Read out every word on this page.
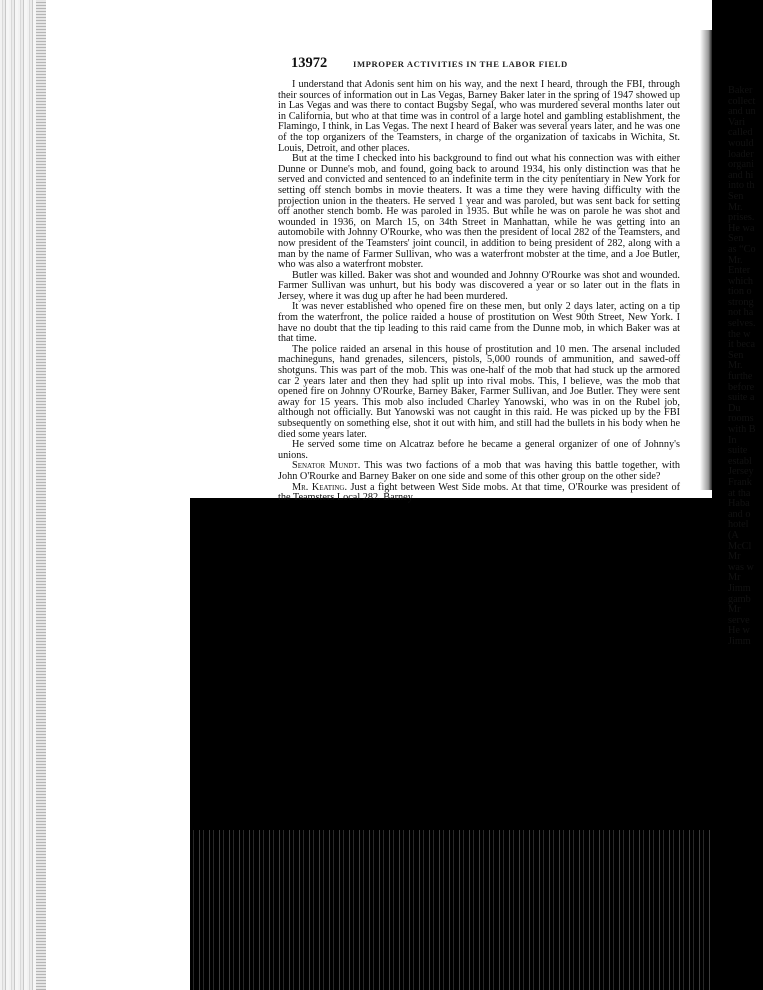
13972	IMPROPER ACTIVITIES IN THE LABOR FIELD

I understand that Adonis sent him on his way, and the next I heard, through the FBI, through their sources of information out in Las Vegas, Barney Baker later in the spring of 1947 showed up in Las Vegas and was there to contact Bugsby Segal, who was murdered several months later out in California, but who at that time was in control of a large hotel and gambling establishment, the Flamingo, I think, in Las Vegas. The next I heard of Baker was several years later, and he was one of the top organizers of the Teamsters, in charge of the organization of taxicabs in Wichita, St. Louis, Detroit, and other places.

But at the time I checked into his background to find out what his connection was with either Dunne or Dunne's mob, and found, going back to around 1934, his only distinction was that he served and convicted and sentenced to an indefinite term in the city penitentiary in New York for setting off stench bombs in movie theaters. It was a time they were having difficulty with the projection union in the theaters. He served 1 year and was paroled, but was sent back for setting off another stench bomb. He was paroled in 1935. But while he was on parole he was shot and wounded in 1936, on March 15, on 34th Street in Manhattan, while he was getting into an automobile with Johnny O'Rourke, who was then the president of local 282 of the Teamsters, and now president of the Teamsters' joint council, in addition to being president of 282, along with a man by the name of Farmer Sullivan, who was a waterfront mobster at the time, and a Joe Butler, who was also a waterfront mobster.

Butler was killed. Baker was shot and wounded and Johnny O'Rourke was shot and wounded. Farmer Sullivan was unhurt, but his body was discovered a year or so later out in the flats in Jersey, where it was dug up after he had been murdered.

It was never established who opened fire on these men, but only 2 days later, acting on a tip from the waterfront, the police raided a house of prostitution on West 90th Street, New York. I have no doubt that the tip leading to this raid came from the Dunne mob, in which Baker was at that time.

The police raided an arsenal in this house of prostitution and 10 men. The arsenal included machineguns, hand grenades, silencers, pistols, 5,000 rounds of ammunition, and sawed-off shotguns. This was part of the mob. This was one-half of the mob that had stuck up the armored car 2 years later and then they had split up into rival mobs. This, I believe, was the mob that opened fire on Johnny O'Rourke, Barney Baker, Farmer Sullivan, and Joe Butler. They were sent away for 15 years. This mob also included Charley Yanowski, who was in on the Rubel job, although not officially. But Yanowski was not caught in this raid. He was picked up by the FBI subsequently on something else, shot it out with him, and still had the bullets in his body when he died some years later.

He served some time on Alcatraz before he became a general organizer of one of Johnny's unions.

Senator Mundt. This was two factions of a mob that was having this battle together, with John O'Rourke and Barney Baker on one side and some of this other group on the other side?

Mr. Keating. Just a fight between West Side mobs. At that time, O'Rourke was president of the Teamsters Local 282. Barney

Baker
collect
and un
Vari
called
would
loader
organi
and hi
into th
Sen
Mr.
prises.
He wa
Sen
as “Co
Mr.
Enter
which
tion o
strong
not ha
selves.
the w
it beca
Sen
Mr.
furthe
before
suite a
Du
rooms
with B
In
suite
establ
Jersey
Frank
at tha
Haba
and o
hotel
(A
McCl
Mr
was w
Mr
Jimm
gamb
Mr
serve
He w
Jimm
